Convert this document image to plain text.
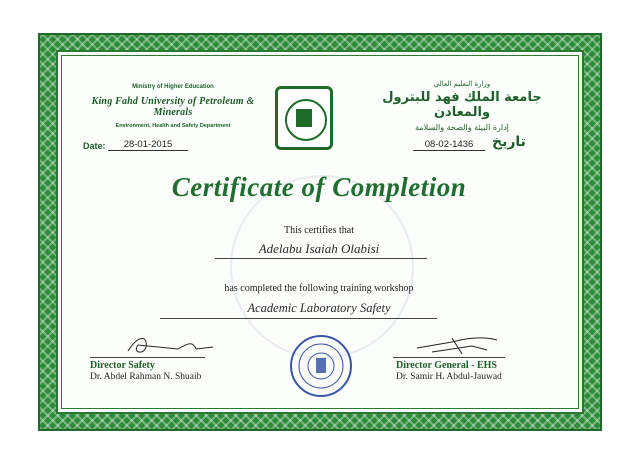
Ministry of Higher Education
King Fahd University of Petroleum & Minerals
Environment, Health and Safety Department
وزارة التعليم العالي
جامعة الملك فهد للبترول والمعادن
إدارة البيئة والصحة والسلامة
Date:	28-01-2015	08-02-1436	تاريخ
Certificate of Completion
This certifies that
Adelabu Isaiah Olabisi
has completed the following training workshop
Academic Laboratory Safety
Director Safety
Dr. Abdel Rahman N. Shuaib
Director General - EHS
Dr. Samir H. Abdul-Jauwad
